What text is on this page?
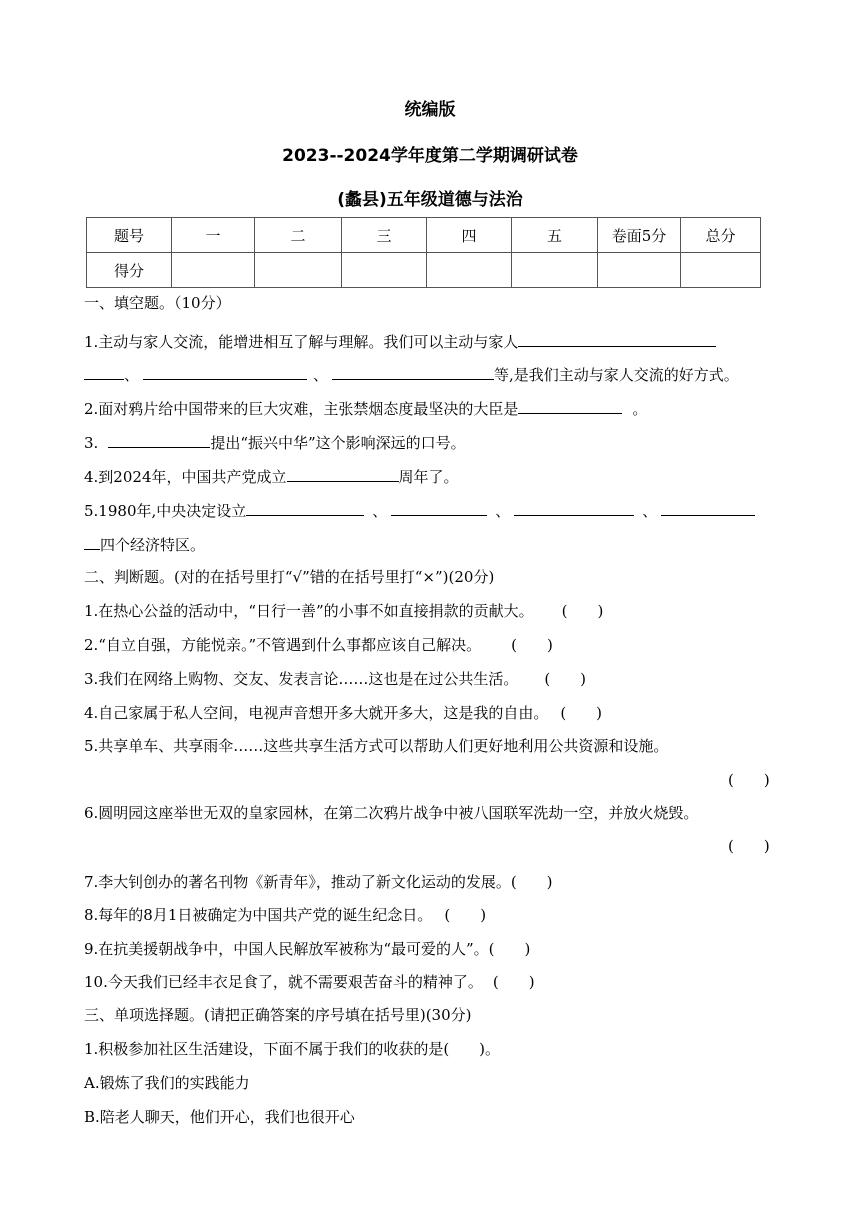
统编版
2023--2024学年度第二学期调研试卷
(蠡县)五年级道德与法治
题号	一	二	三	四	五	卷面5分	总分
得分							
一、填空题。（10分）
1.主动与家人交流，能增进相互了解与理解。我们可以主动与家人
、	、	等,是我们主动与家人交流的好方式。
2.面对鸦片给中国带来的巨大灾难，主张禁烟态度最坚决的大臣是	。
3.	提出“振兴中华”这个影响深远的口号。
4.到2024年，中国共产党成立	周年了。
5.1980年,中央决定设立	、	、	、
四个经济特区。
二、判断题。(对的在括号里打“√”错的在括号里打“×”)(20分)
1.在热心公益的活动中，“日行一善”的小事不如直接捐款的贡献大。 (　　)
2.“自立自强，方能悦亲。”不管遇到什么事都应该自己解决。 (　　)
3.我们在网络上购物、交友、发表言论……这也是在过公共生活。 (　　)
4.自己家属于私人空间，电视声音想开多大就开多大，这是我的自由。 (　　)
5.共享单车、共享雨伞……这些共享生活方式可以帮助人们更好地利用公共资源和设施。
(　　)
6.圆明园这座举世无双的皇家园林，在第二次鸦片战争中被八国联军洗劫一空，并放火烧毁。
(　　)
7.李大钊创办的著名刊物《新青年》，推动了新文化运动的发展。(　　)
8.每年的8月1日被确定为中国共产党的诞生纪念日。 (　　)
9.在抗美援朝战争中，中国人民解放军被称为“最可爱的人”。(　　)
10.今天我们已经丰衣足食了，就不需要艰苦奋斗的精神了。 (　　)
三、单项选择题。(请把正确答案的序号填在括号里)(30分)
1.积极参加社区生活建设，下面不属于我们的收获的是(　　)。
A.锻炼了我们的实践能力
B.陪老人聊天，他们开心，我们也很开心
